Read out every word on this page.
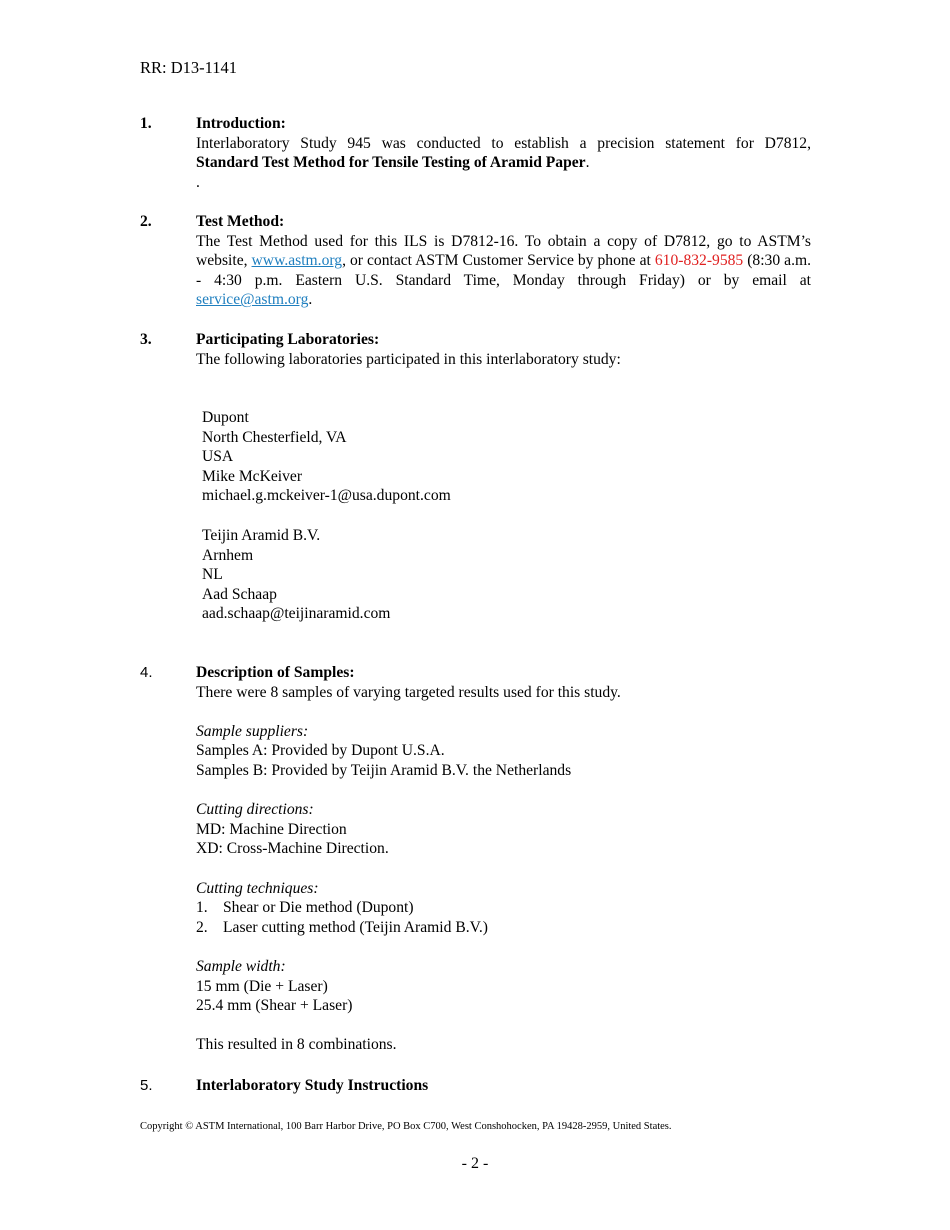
RR: D13-1141
1.	Introduction:
Interlaboratory Study 945 was conducted to establish a precision statement for D7812,
Standard Test Method for Tensile Testing of Aramid Paper.
.
2.	Test Method:
The Test Method used for this ILS is D7812-16. To obtain a copy of D7812, go to ASTM’s website, www.astm.org, or contact ASTM Customer Service by phone at 610-832-9585 (8:30 a.m. - 4:30 p.m. Eastern U.S. Standard Time, Monday through Friday) or by email at service@astm.org.
3.	Participating Laboratories:
The following laboratories participated in this interlaboratory study:
Dupont
North Chesterfield, VA
USA
Mike McKeiver
michael.g.mckeiver-1@usa.dupont.com
Teijin Aramid B.V.
Arnhem
NL
Aad Schaap
aad.schaap@teijinaramid.com
4.	Description of Samples:
There were 8 samples of varying targeted results used for this study.

Sample suppliers:
Samples A: Provided by Dupont U.S.A.
Samples B: Provided by Teijin Aramid B.V. the Netherlands

Cutting directions:
MD: Machine Direction
XD: Cross-Machine Direction.

Cutting techniques:
1. Shear or Die method (Dupont)
2. Laser cutting method (Teijin Aramid B.V.)

Sample width:
15 mm (Die + Laser)
25.4 mm (Shear + Laser)

This resulted in 8 combinations.
5.	Interlaboratory Study Instructions
Copyright © ASTM International, 100 Barr Harbor Drive, PO Box C700, West Conshohocken, PA 19428-2959, United States.
- 2 -
